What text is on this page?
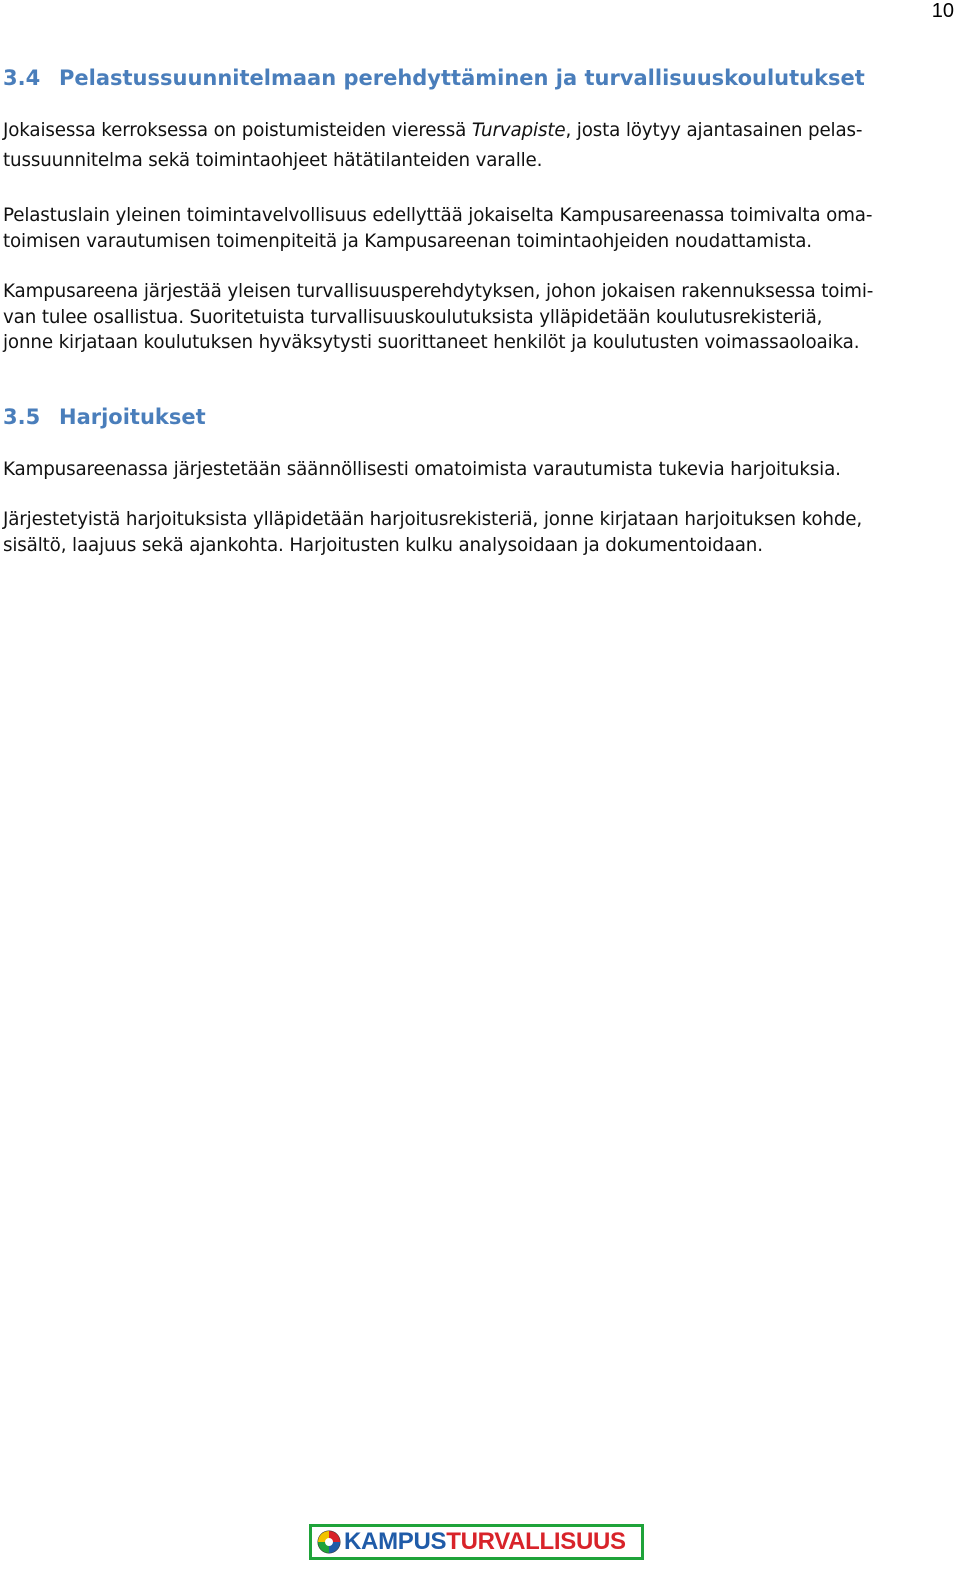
10
3.4 Pelastussuunnitelmaan perehdyttäminen ja turvallisuuskoulutukset
Jokaisessa kerroksessa on poistumisteiden vieressä Turvapiste, josta löytyy ajantasainen pelas-
tussuunnitelma sekä toimintaohjeet hätätilanteiden varalle.
Pelastuslain yleinen toimintavelvollisuus edellyttää jokaiselta Kampusareenassa toimivalta oma-
toimisen varautumisen toimenpiteitä ja Kampusareenan toimintaohjeiden noudattamista.
Kampusareena järjestää yleisen turvallisuusperehdytyksen, johon jokaisen rakennuksessa toimi-
van tulee osallistua. Suoritetuista turvallisuuskoulutuksista ylläpidetään koulutusrekisteriä,
jonne kirjataan koulutuksen hyväksytysti suorittaneet henkilöt ja koulutusten voimassaoloaika.
3.5 Harjoitukset
Kampusareenassa järjestetään säännöllisesti omatoimista varautumista tukevia harjoituksia.
Järjestetyistä harjoituksista ylläpidetään harjoitusrekisteriä, jonne kirjataan harjoituksen kohde,
sisältö, laajuus sekä ajankohta. Harjoitusten kulku analysoidaan ja dokumentoidaan.
KAMPUSTURVALLISUUS
